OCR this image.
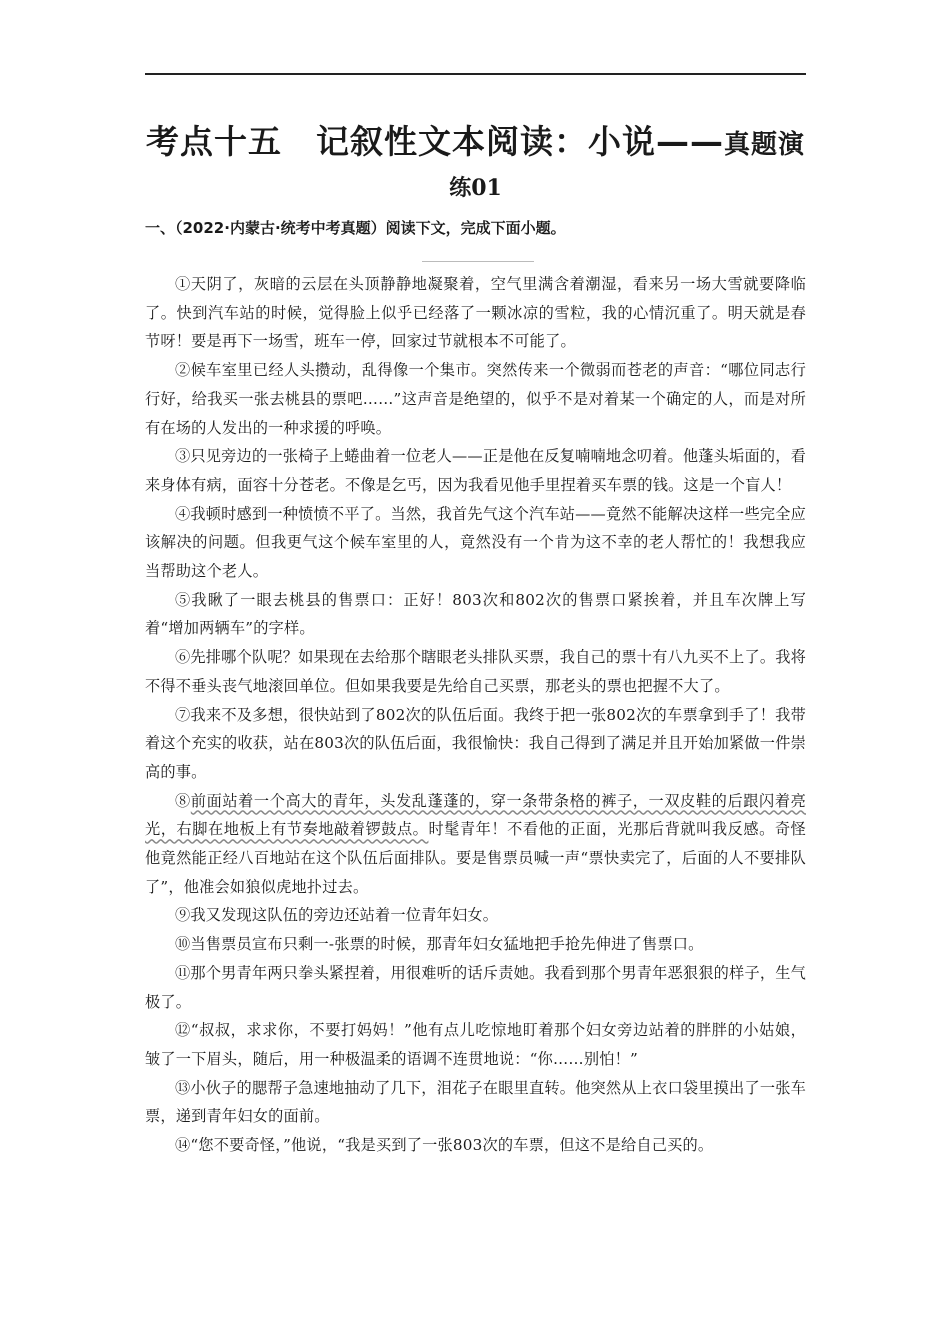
考点十五　记叙性文本阅读：小说——真题演
练01
一、（2022·内蒙古·统考中考真题）阅读下文，完成下面小题。

①天阴了，灰暗的云层在头顶静静地凝聚着，空气里满含着潮湿，看来另一场大雪就要降临了。快到汽车站的时候，觉得脸上似乎已经落了一颗冰凉的雪粒，我的心情沉重了。明天就是春节呀！要是再下一场雪，班车一停，回家过节就根本不可能了。

②候车室里已经人头攒动，乱得像一个集市。突然传来一个微弱而苍老的声音：“哪位同志行行好，给我买一张去桃县的票吧……”这声音是绝望的，似乎不是对着某一个确定的人，而是对所有在场的人发出的一种求援的呼唤。

③只见旁边的一张椅子上蜷曲着一位老人——正是他在反复喃喃地念叨着。他蓬头垢面的，看来身体有病，面容十分苍老。不像是乞丐，因为我看见他手里捏着买车票的钱。这是一个盲人！

④我顿时感到一种愤愤不平了。当然，我首先气这个汽车站——竟然不能解决这样一些完全应该解决的问题。但我更气这个候车室里的人，竟然没有一个肯为这不幸的老人帮忙的！我想我应当帮助这个老人。

⑤我瞅了一眼去桃县的售票口：正好！803次和802次的售票口紧挨着，并且车次牌上写着“增加两辆车”的字样。

⑥先排哪个队呢？如果现在去给那个瞎眼老头排队买票，我自己的票十有八九买不上了。我将不得不垂头丧气地滚回单位。但如果我要是先给自己买票，那老头的票也把握不大了。

⑦我来不及多想，很快站到了802次的队伍后面。我终于把一张802次的车票拿到手了！我带着这个充实的收获，站在803次的队伍后面，我很愉快：我自己得到了满足并且开始加紧做一件崇高的事。

⑧前面站着一个高大的青年，头发乱蓬蓬的，穿一条带条格的裤子，一双皮鞋的后跟闪着亮光，右脚在地板上有节奏地敲着锣鼓点。时髦青年！不看他的正面，光那后背就叫我反感。奇怪他竟然能正经八百地站在这个队伍后面排队。要是售票员喊一声“票快卖完了，后面的人不要排队了”，他准会如狼似虎地扑过去。

⑨我又发现这队伍的旁边还站着一位青年妇女。

⑩当售票员宣布只剩一-张票的时候，那青年妇女猛地把手抢先伸进了售票口。

⑪那个男青年两只拳头紧捏着，用很难听的话斥责她。我看到那个男青年恶狠狠的样子，生气极了。

⑫“叔叔，求求你，不要打妈妈！”他有点儿吃惊地盯着那个妇女旁边站着的胖胖的小姑娘，皱了一下眉头，随后，用一种极温柔的语调不连贯地说：“你……别怕！”

⑬小伙子的腮帮子急速地抽动了几下，泪花子在眼里直转。他突然从上衣口袋里摸出了一张车票，递到青年妇女的面前。

⑭“您不要奇怪，”他说，“我是买到了一张803次的车票，但这不是给自己买的。
